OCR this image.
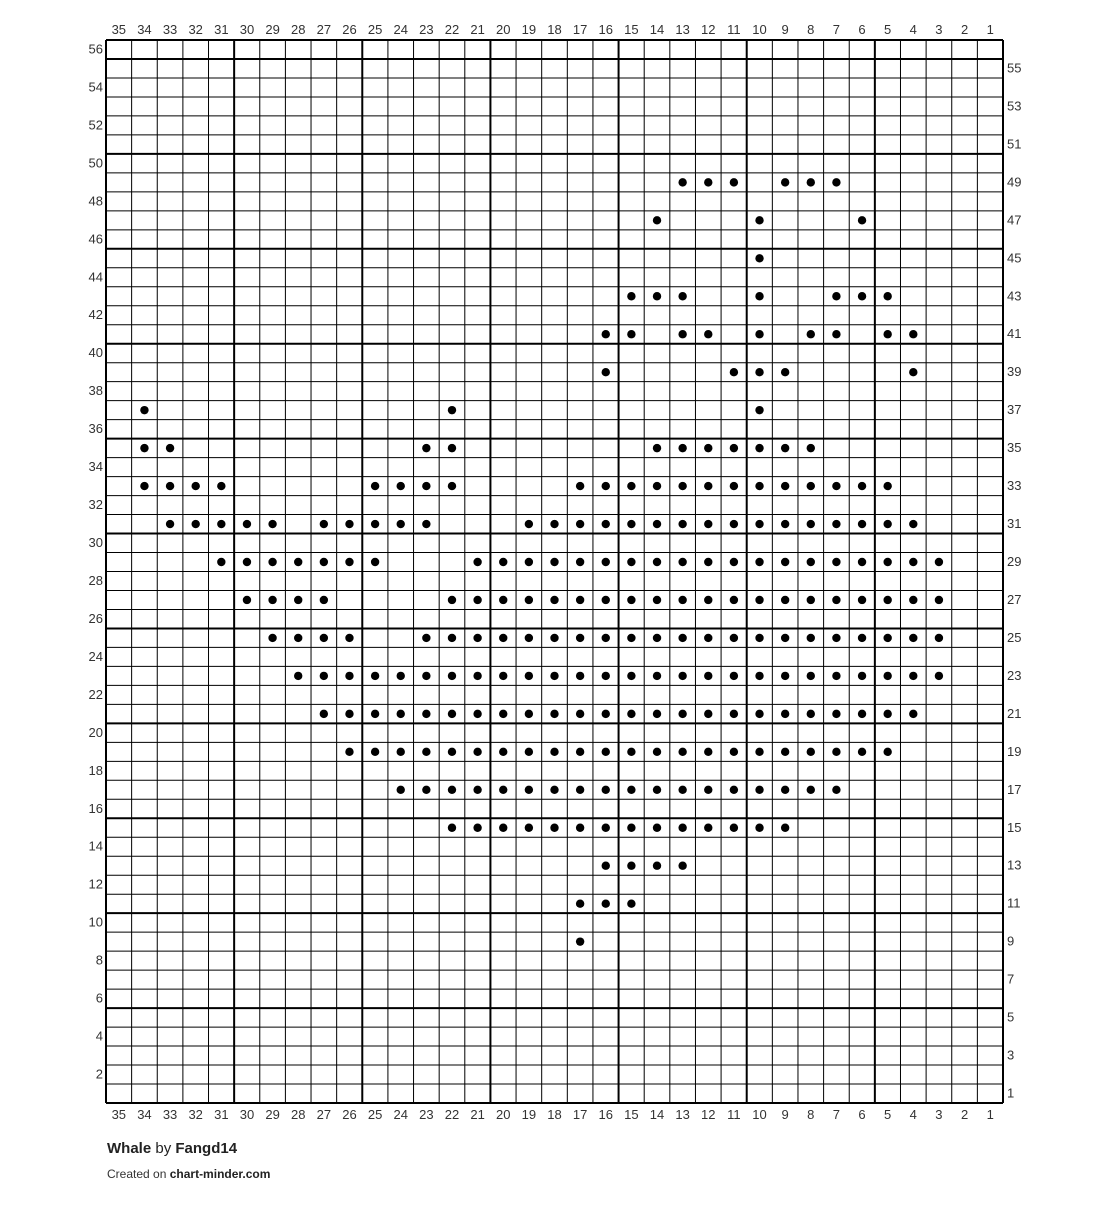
35
35
34
34
33
33
32
32
31
31
30
30
29
29
28
28
27
27
26
26
25
25
24
24
23
23
22
22
21
21
20
20
19
19
18
18
17
17
16
16
15
15
14
14
13
13
12
12
11
11
10
10
9
9
8
8
7
7
6
6
5
5
4
4
3
3
2
2
1
1
56
54
52
50
48
46
44
42
40
38
36
34
32
30
28
26
24
22
20
18
16
14
12
10
8
6
4
2
55
53
51
49
47
45
43
41
39
37
35
33
31
29
27
25
23
21
19
17
15
13
11
9
7
5
3
1

Whale by Fangd14

Created on chart-minder.com
